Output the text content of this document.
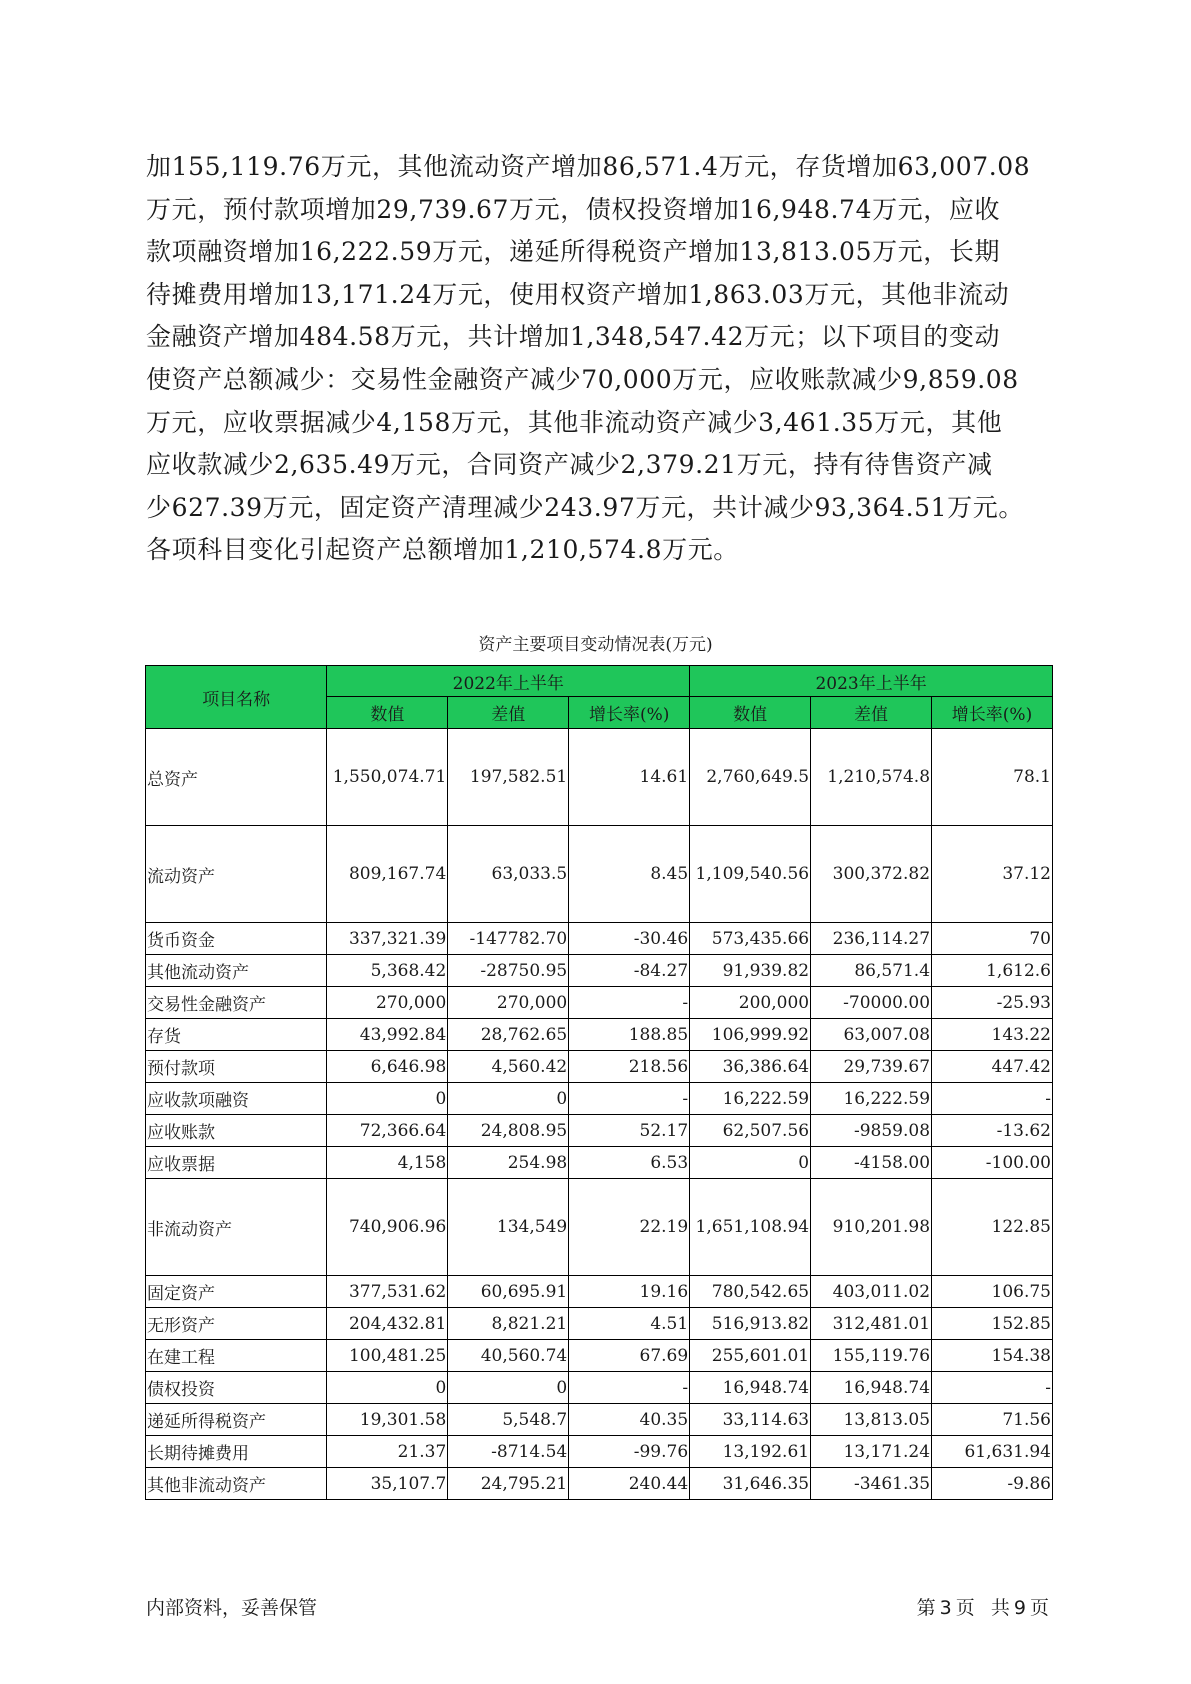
加155,119.76万元，其他流动资产增加86,571.4万元，存货增加63,007.08

万元，预付款项增加29,739.67万元，债权投资增加16,948.74万元，应收

款项融资增加16,222.59万元，递延所得税资产增加13,813.05万元，长期

待摊费用增加13,171.24万元，使用权资产增加1,863.03万元，其他非流动

金融资产增加484.58万元，共计增加1,348,547.42万元；以下项目的变动

使资产总额减少：交易性金融资产减少70,000万元，应收账款减少9,859.08

万元，应收票据减少4,158万元，其他非流动资产减少3,461.35万元，其他

应收款减少2,635.49万元，合同资产减少2,379.21万元，持有待售资产减

少627.39万元，固定资产清理减少243.97万元，共计减少93,364.51万元。

各项科目变化引起资产总额增加1,210,574.8万元。

资产主要项目变动情况表(万元)
项目名称	2022年上半年			2023年上半年		
	数值	差值	增长率(%)	数值	差值	增长率(%)
总资产	1,550,074.71	197,582.51	14.61	2,760,649.5	1,210,574.8	78.1
流动资产	809,167.74	63,033.5	8.45	1,109,540.56	300,372.82	37.12
货币资金	337,321.39	-147782.70	-30.46	573,435.66	236,114.27	70
其他流动资产	5,368.42	-28750.95	-84.27	91,939.82	86,571.4	1,612.6
交易性金融资产	270,000	270,000	-	200,000	-70000.00	-25.93
存货	43,992.84	28,762.65	188.85	106,999.92	63,007.08	143.22
预付款项	6,646.98	4,560.42	218.56	36,386.64	29,739.67	447.42
应收款项融资	0	0	-	16,222.59	16,222.59	-
应收账款	72,366.64	24,808.95	52.17	62,507.56	-9859.08	-13.62
应收票据	4,158	254.98	6.53	0	-4158.00	-100.00
非流动资产	740,906.96	134,549	22.19	1,651,108.94	910,201.98	122.85
固定资产	377,531.62	60,695.91	19.16	780,542.65	403,011.02	106.75
无形资产	204,432.81	8,821.21	4.51	516,913.82	312,481.01	152.85
在建工程	100,481.25	40,560.74	67.69	255,601.01	155,119.76	154.38
债权投资	0	0	-	16,948.74	16,948.74	-
递延所得税资产	19,301.58	5,548.7	40.35	33,114.63	13,813.05	71.56
长期待摊费用	21.37	-8714.54	-99.76	13,192.61	13,171.24	61,631.94
其他非流动资产	35,107.7	24,795.21	240.44	31,646.35	-3461.35	-9.86
内部资料，妥善保管	第 3 页 共 9 页
